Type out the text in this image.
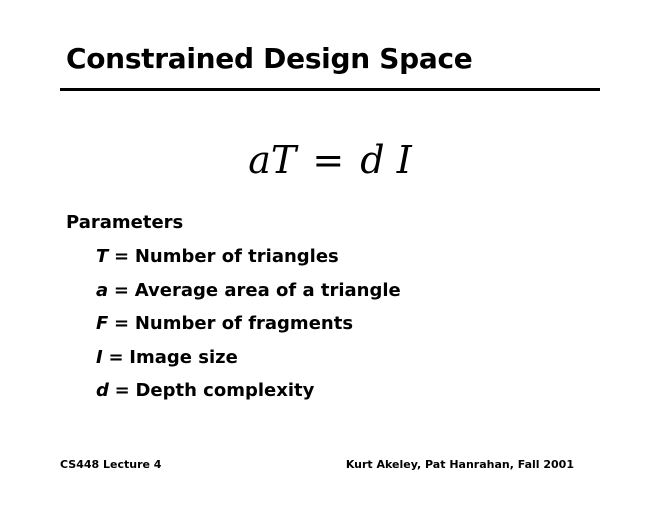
Constrained Design Space
aT = d I
Parameters
T = Number of triangles
a = Average area of a triangle
F = Number of fragments
I = Image size
d = Depth complexity
CS448 Lecture 4	Kurt Akeley, Pat Hanrahan, Fall 2001
